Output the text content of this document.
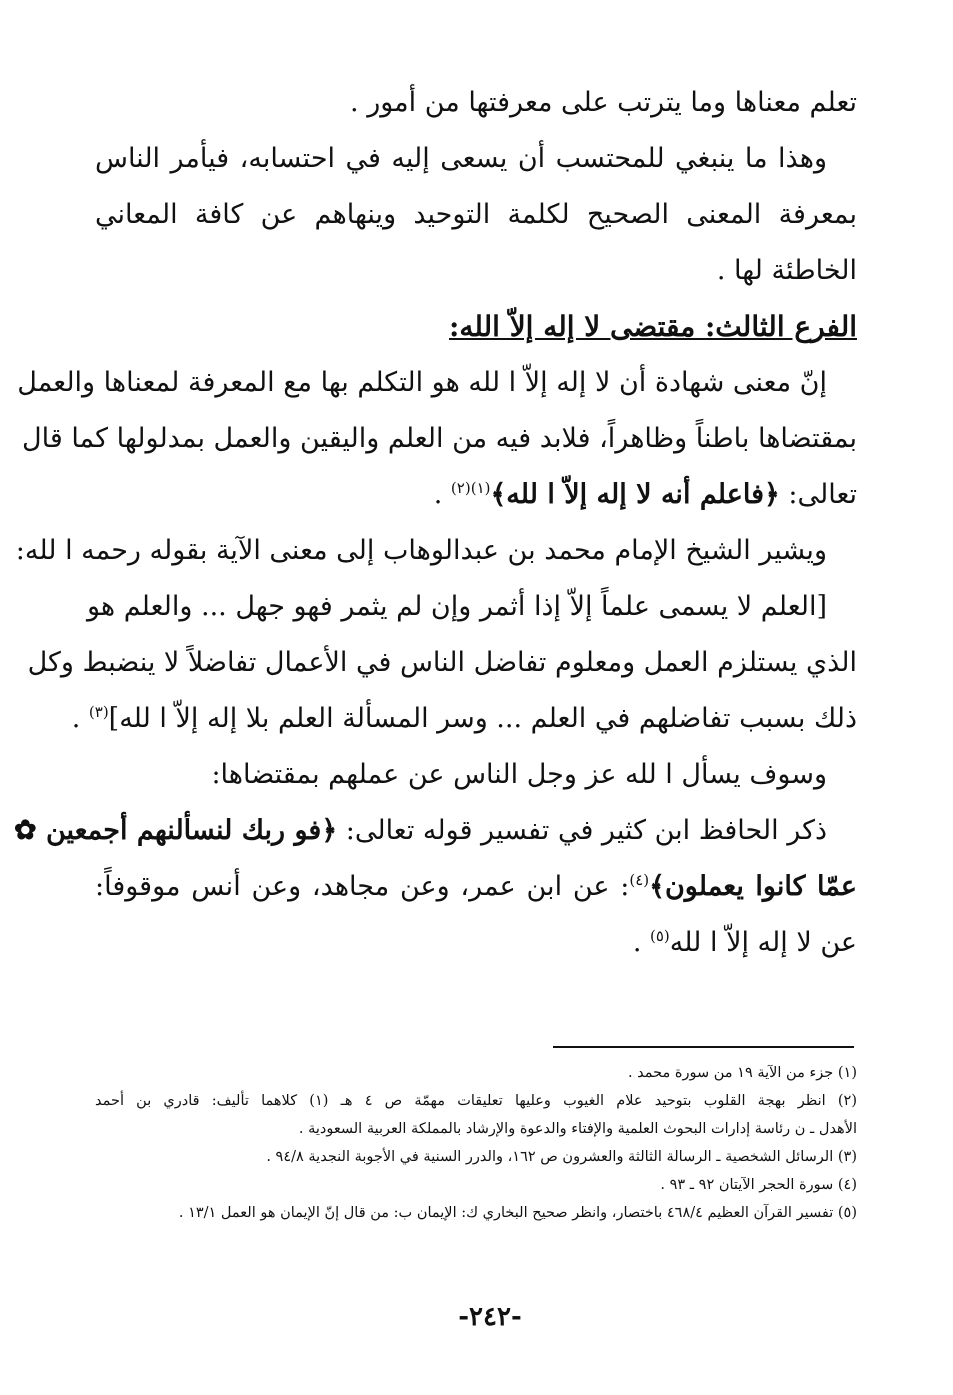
تعلم معناها وما يترتب على معرفتها من أمور .

وهذا ما ينبغي للمحتسب أن يسعى إليه في احتسابه، فيأمر الناس

بمعرفة المعنى الصحيح لكلمة التوحيد وينهاهم عن كافة المعاني

الخاطئة لها .

الفرع الثالث: مقتضى لا إله إلاّ الله:

إنّ معنى شهادة أن لا إله إلاّ ا لله هو التكلم بها مع المعرفة لمعناها والعمل

بمقتضاها باطناً وظاهراً، فلابد فيه من العلم واليقين والعمل بمدلولها كما قال

تعالى: ﴿فاعلم أنه لا إله إلاّ ا لله﴾$^{(١)(٢)}$ .

ويشير الشيخ الإمام محمد بن عبدالوهاب إلى معنى الآية بقوله رحمه ا لله:

[العلم لا يسمى علماً إلاّ إذا أثمر وإن لم يثمر فهو جهل ... والعلم هو

الذي يستلزم العمل ومعلوم تفاضل الناس في الأعمال تفاضلاً لا ينضبط وكل

ذلك بسبب تفاضلهم في العلم ... وسر المسألة العلم بلا إله إلاّ ا لله]$^{(٣)}$ .

وسوف يسأل ا لله عز وجل الناس عن عملهم بمقتضاها:

ذكر الحافظ ابن كثير في تفسير قوله تعالى: ﴿فو ربك لنسألنهم أجمعين ✿

عمّا كانوا يعملون﴾$^{(٤)}$: عن ابن عمر، وعن مجاهد، وعن أنس موقوفاً:

عن لا إله إلاّ ا لله$^{(٥)}$ .

(١) جزء من الآية ١٩ من سورة محمد .

(٢) انظر بهجة القلوب بتوحيد علام الغيوب وعليها تعليقات مهمّة ص ٤ هـ (١) كلاهما تأليف: قادري بن أحمد

الأهدل ـ ن رئاسة إدارات البحوث العلمية والإفتاء والدعوة والإرشاد بالمملكة العربية السعودية .

(٣) الرسائل الشخصية ـ الرسالة الثالثة والعشرون ص ١٦٢، والدرر السنية في الأجوبة النجدية ٩٤/٨ .

(٤) سورة الحجر الآيتان ٩٢ ـ ٩٣ .

(٥) تفسير القرآن العظيم ٤٦٨/٤ باختصار، وانظر صحيح البخاري ك: الإيمان ب: من قال إنّ الإيمان هو العمل ١٣/١ .

-٢٤٢-
